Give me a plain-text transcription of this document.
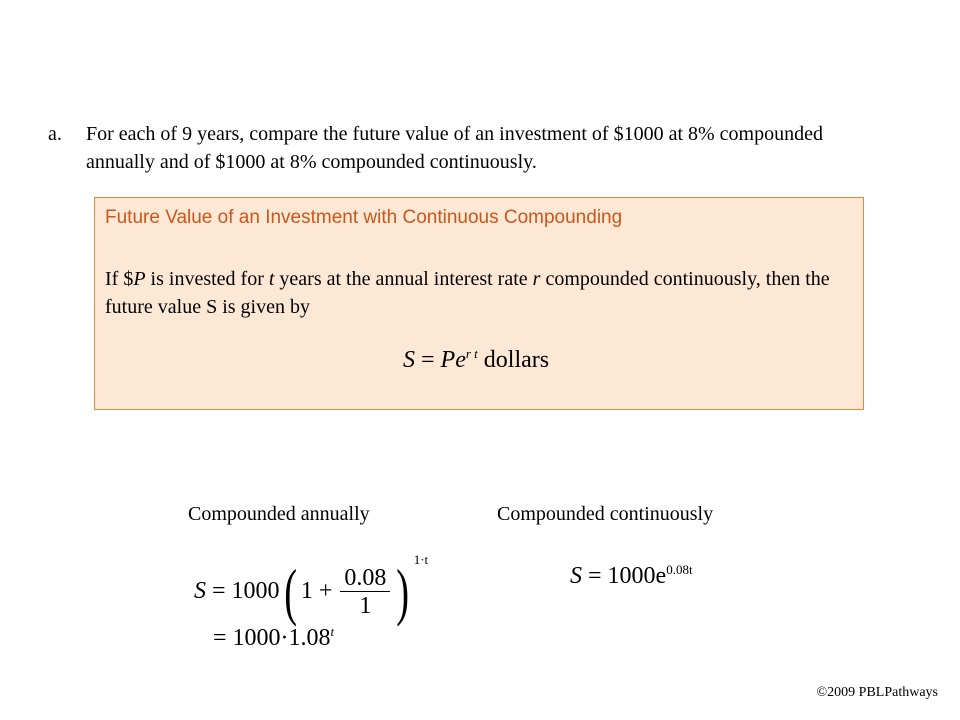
a. For each of 9 years, compare the future value of an investment of $1000 at 8% compounded annually and of $1000 at 8% compounded continuously.
Future Value of an Investment with Continuous Compounding
If $P is invested for t years at the annual interest rate r compounded continuously, then the future value S is given by
$S = Pe^{r t}$ dollars
Compounded annually	Compounded continuously
S = 1000( $1 + \frac{0.08}{1}$ ) $^{1\cdot t}$
= $1000\cdot 1.08^t$
$S = 1000e^{0.08t}$
©2009 PBLPathways
